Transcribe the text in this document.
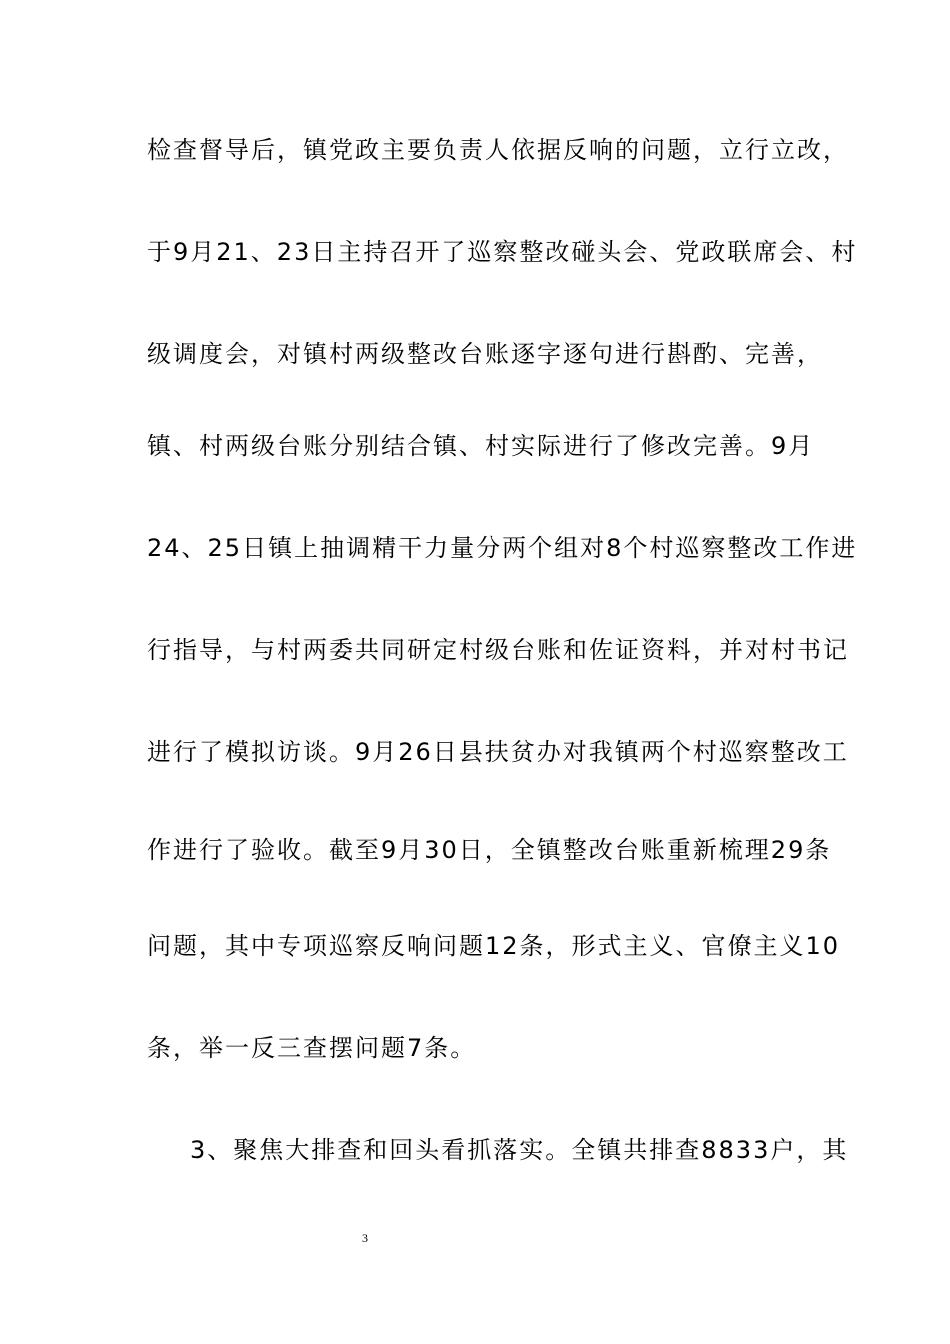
检查督导后，镇党政主要负责人依据反响的问题，立行立改，
于9月21、23日主持召开了巡察整改碰头会、党政联席会、村
级调度会，对镇村两级整改台账逐字逐句进行斟酌、完善，
镇、村两级台账分别结合镇、村实际进行了修改完善。9月
24、25日镇上抽调精干力量分两个组对8个村巡察整改工作进
行指导，与村两委共同研定村级台账和佐证资料，并对村书记
进行了模拟访谈。9月26日县扶贫办对我镇两个村巡察整改工
作进行了验收。截至9月30日，全镇整改台账重新梳理29条
问题，其中专项巡察反响问题12条，形式主义、官僚主义10
条，举一反三查摆问题7条。
3、聚焦大排查和回头看抓落实。全镇共排查8833户，其
3
